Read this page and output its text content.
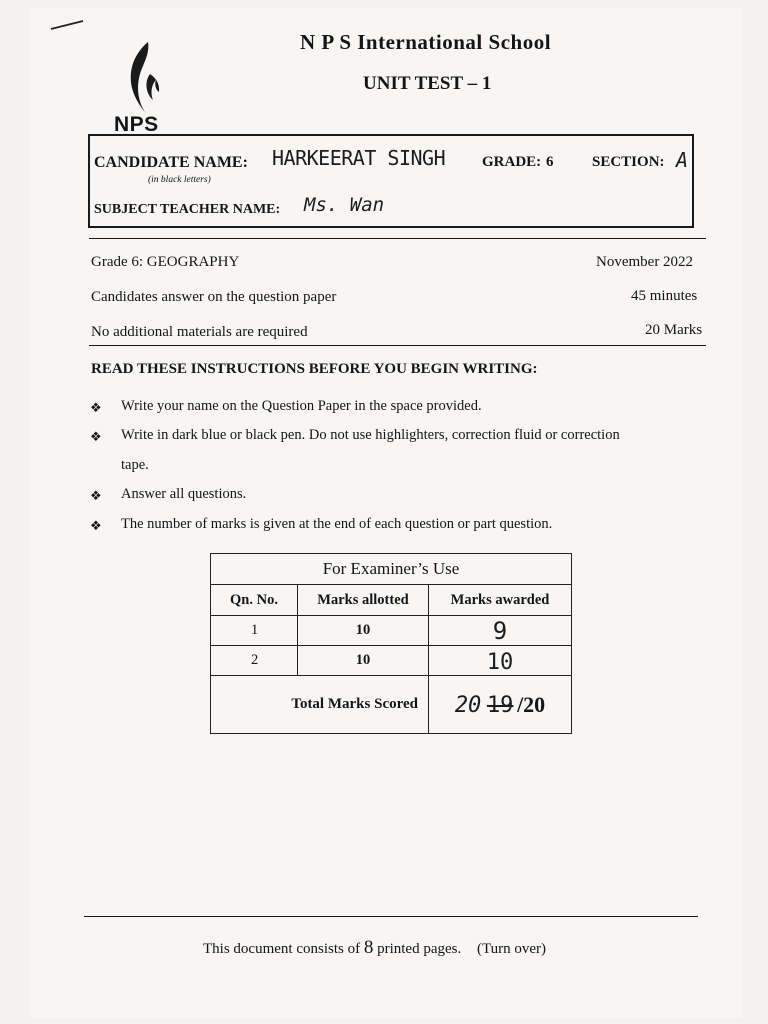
NPS
N P S International School
UNIT TEST – 1
CANDIDATE NAME: HARKEERAT SINGH
(in black letters)
GRADE: 6	SECTION: A
SUBJECT TEACHER NAME: Ms. Wan
Grade 6: GEOGRAPHY	November 2022
Candidates answer on the question paper	45 minutes
No additional materials are required	20 Marks
READ THESE INSTRUCTIONS BEFORE YOU BEGIN WRITING:
❖ Write your name on the Question Paper in the space provided.
❖ Write in dark blue or black pen. Do not use highlighters, correction fluid or correction
tape.
❖ Answer all questions.
❖ The number of marks is given at the end of each question or part question.
For Examiner’s Use		
Qn. No.	Marks allotted	Marks awarded
1	10	9
2	10	10
Total Marks Scored		20 19 /20
This document consists of 8 printed pages. (Turn over)
